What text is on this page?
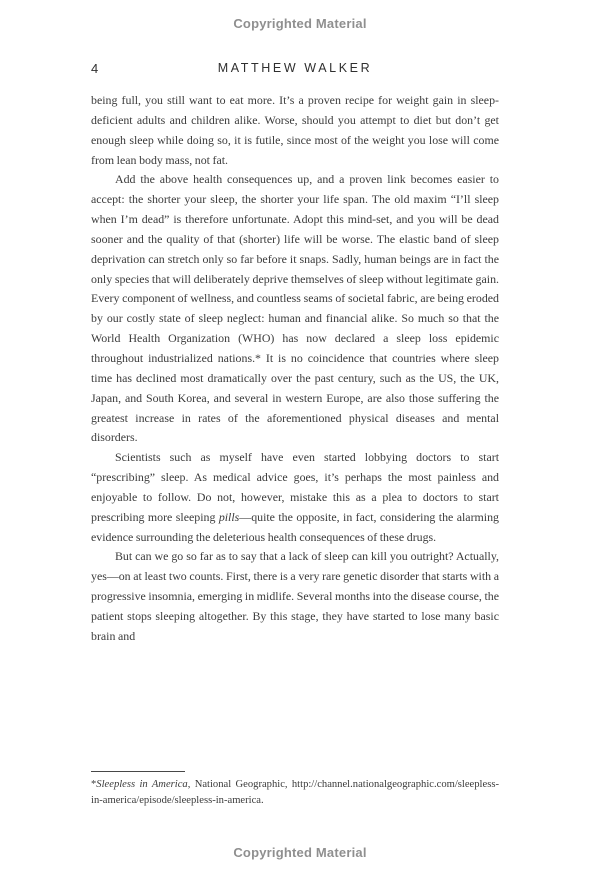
Copyrighted Material
4	MATTHEW WALKER

being full, you still want to eat more. It’s a proven recipe for weight gain in sleep-deficient adults and children alike. Worse, should you attempt to diet but don’t get enough sleep while doing so, it is futile, since most of the weight you lose will come from lean body mass, not fat.

Add the above health consequences up, and a proven link becomes easier to accept: the shorter your sleep, the shorter your life span. The old maxim “I’ll sleep when I’m dead” is therefore unfortunate. Adopt this mind-set, and you will be dead sooner and the quality of that (shorter) life will be worse. The elastic band of sleep deprivation can stretch only so far before it snaps. Sadly, human beings are in fact the only species that will deliberately deprive themselves of sleep without legitimate gain. Every component of wellness, and countless seams of societal fabric, are being eroded by our costly state of sleep neglect: human and financial alike. So much so that the World Health Organization (WHO) has now declared a sleep loss epidemic throughout industrialized nations.* It is no coincidence that countries where sleep time has declined most dramatically over the past century, such as the US, the UK, Japan, and South Korea, and several in western Europe, are also those suffering the greatest increase in rates of the aforementioned physical diseases and mental disorders.

Scientists such as myself have even started lobbying doctors to start “prescribing” sleep. As medical advice goes, it’s perhaps the most painless and enjoyable to follow. Do not, however, mistake this as a plea to doctors to start prescribing more sleeping pills—quite the opposite, in fact, considering the alarming evidence surrounding the deleterious health consequences of these drugs.

But can we go so far as to say that a lack of sleep can kill you outright? Actually, yes—on at least two counts. First, there is a very rare genetic disorder that starts with a progressive insomnia, emerging in midlife. Several months into the disease course, the patient stops sleeping altogether. By this stage, they have started to lose many basic brain and

*Sleepless in America, National Geographic, http://channel.nationalgeographic.com/sleepless-in-america/episode/sleepless-in-america.
Copyrighted Material
